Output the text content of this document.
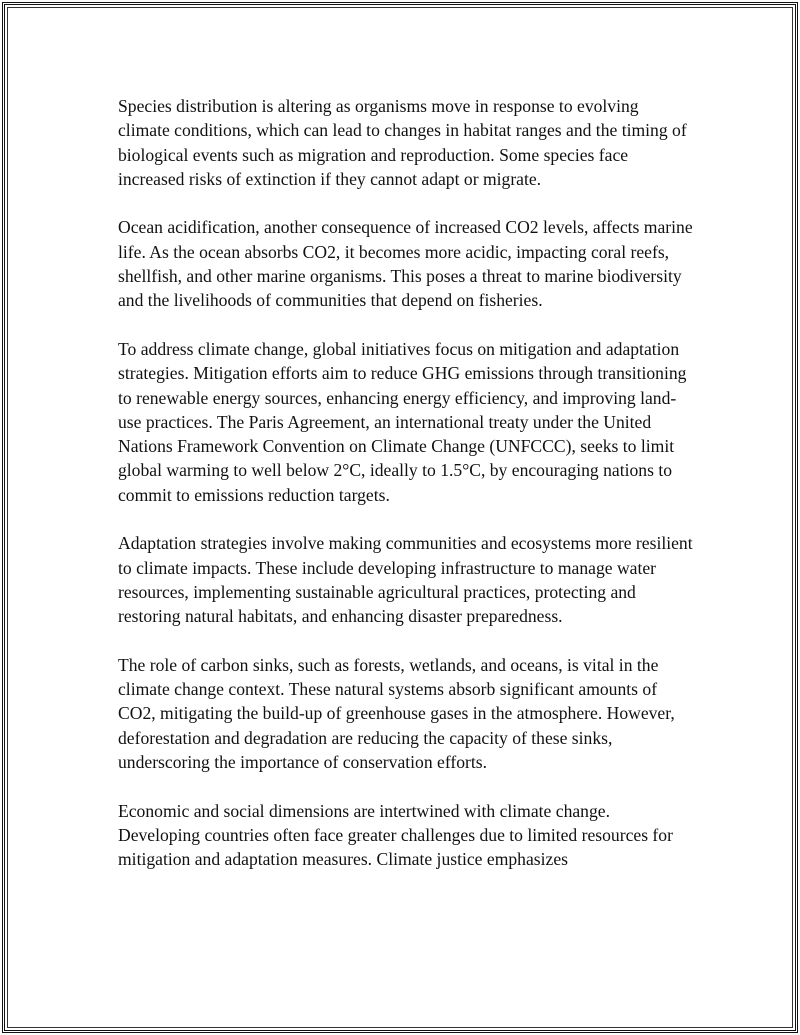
Species distribution is altering as organisms move in response to evolving climate conditions, which can lead to changes in habitat ranges and the timing of biological events such as migration and reproduction. Some species face increased risks of extinction if they cannot adapt or migrate.

Ocean acidification, another consequence of increased CO2 levels, affects marine life. As the ocean absorbs CO2, it becomes more acidic, impacting coral reefs, shellfish, and other marine organisms. This poses a threat to marine biodiversity and the livelihoods of communities that depend on fisheries.

To address climate change, global initiatives focus on mitigation and adaptation strategies. Mitigation efforts aim to reduce GHG emissions through transitioning to renewable energy sources, enhancing energy efficiency, and improving land-use practices. The Paris Agreement, an international treaty under the United Nations Framework Convention on Climate Change (UNFCCC), seeks to limit global warming to well below 2°C, ideally to 1.5°C, by encouraging nations to commit to emissions reduction targets.

Adaptation strategies involve making communities and ecosystems more resilient to climate impacts. These include developing infrastructure to manage water resources, implementing sustainable agricultural practices, protecting and restoring natural habitats, and enhancing disaster preparedness.

The role of carbon sinks, such as forests, wetlands, and oceans, is vital in the climate change context. These natural systems absorb significant amounts of CO2, mitigating the build-up of greenhouse gases in the atmosphere. However, deforestation and degradation are reducing the capacity of these sinks, underscoring the importance of conservation efforts.

Economic and social dimensions are intertwined with climate change. Developing countries often face greater challenges due to limited resources for mitigation and adaptation measures. Climate justice emphasizes
